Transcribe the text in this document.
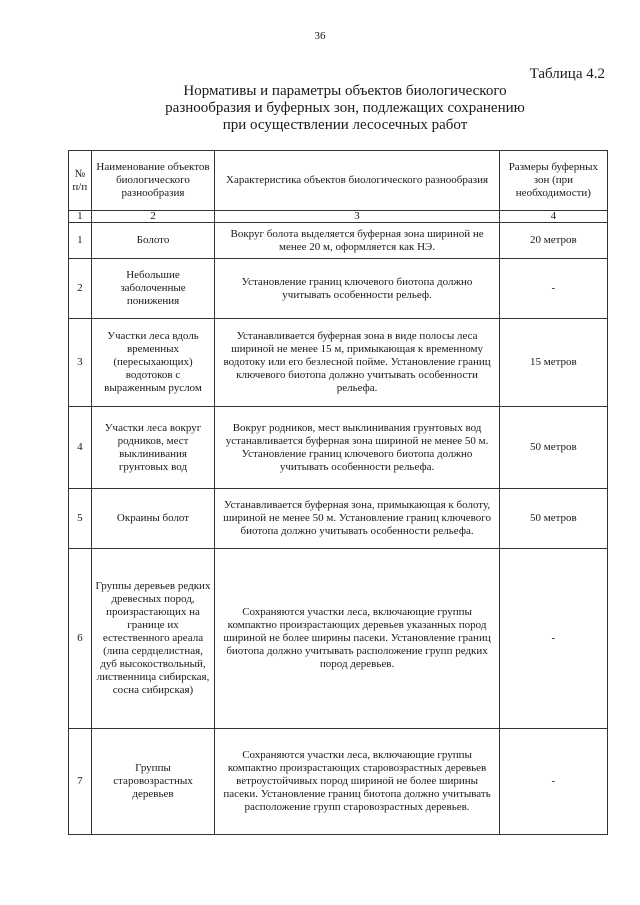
36
Таблица 4.2
Нормативы и параметры объектов биологического разнообразия и буферных зон, подлежащих сохранению при осуществлении лесосечных работ
№ п/п	Наименование объектов биологического разнообразия	Характеристика объектов биологического разнообразия	Размеры буферных зон (при необходимости)
1	2	3	4
1	Болото	Вокруг болота выделяется буферная зона шириной не менее 20 м, оформляется как НЭ.	20 метров
2	Небольшие заболоченные понижения	Установление границ ключевого биотопа должно учитывать особенности рельеф.	-
3	Участки леса вдоль временных (пересыхающих) водотоков с выраженным руслом	Устанавливается буферная зона в виде полосы леса шириной не менее 15 м, примыкающая к временному водотоку или его безлесной пойме. Установление границ ключевого биотопа должно учитывать особенности рельефа.	15 метров
4	Участки леса вокруг родников, мест выклинивания грунтовых вод	Вокруг родников, мест выклинивания грунтовых вод устанавливается буферная зона шириной не менее 50 м. Установление границ ключевого биотопа должно учитывать особенности рельефа.	50 метров
5	Окраины болот	Устанавливается буферная зона, примыкающая к болоту, шириной не менее 50 м. Установление границ ключевого биотопа должно учитывать особенности рельефа.	50 метров
6	Группы деревьев редких древесных пород, произрастающих на границе их естественного ареала (липа сердцелистная, дуб высокоствольный, лиственница сибирская, сосна сибирская)	Сохраняются участки леса, включающие группы компактно произрастающих деревьев указанных пород шириной не более ширины пасеки. Установление границ биотопа должно учитывать расположение групп редких пород деревьев.	-
7	Группы старовозрастных деревьев	Сохраняются участки леса, включающие группы компактно произрастающих старовозрастных деревьев ветроустойчивых пород шириной не более ширины пасеки. Установление границ биотопа должно учитывать расположение групп старовозрастных деревьев.	-
